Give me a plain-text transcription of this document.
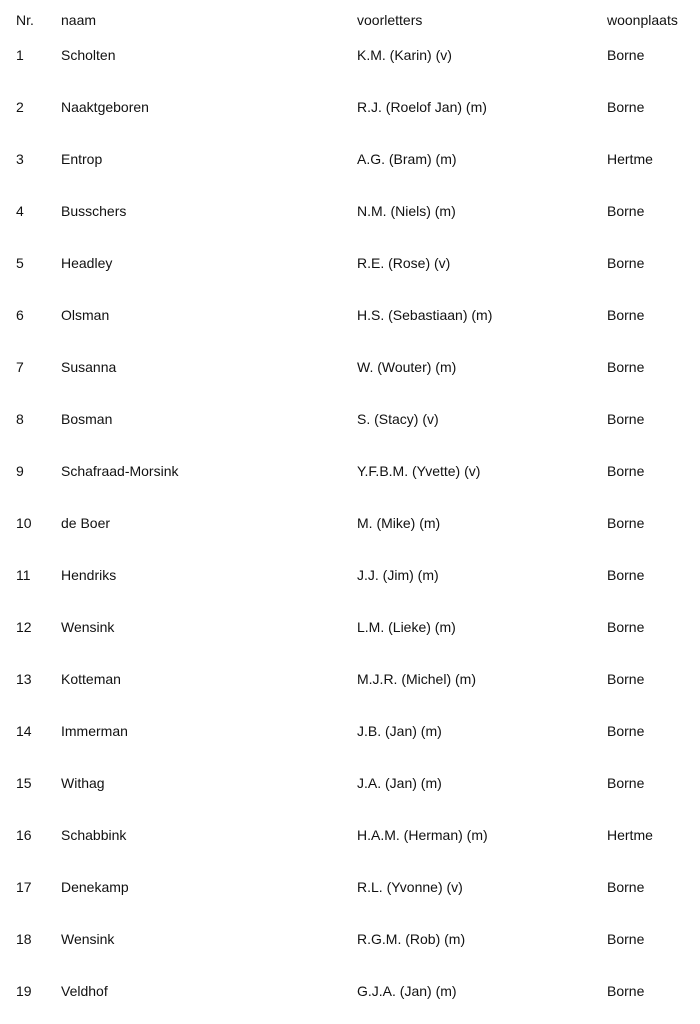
Nr. naam	voorletters	woonplaats
1	Scholten	K.M. (Karin) (v)	Borne
2	Naaktgeboren	R.J. (Roelof Jan) (m)	Borne
3	Entrop	A.G. (Bram) (m)	Hertme
4	Busschers	N.M. (Niels) (m)	Borne
5	Headley	R.E. (Rose) (v)	Borne
6	Olsman	H.S. (Sebastiaan) (m)	Borne
7	Susanna	W. (Wouter) (m)	Borne
8	Bosman	S. (Stacy) (v)	Borne
9	Schafraad-Morsink	Y.F.B.M. (Yvette) (v)	Borne
10 de Boer	M. (Mike) (m)	Borne
11 Hendriks	J.J. (Jim) (m)	Borne
12 Wensink	L.M. (Lieke) (m)	Borne
13 Kotteman	M.J.R. (Michel) (m)	Borne
14 Immerman	J.B. (Jan) (m)	Borne
15 Withag	J.A. (Jan) (m)	Borne
16 Schabbink	H.A.M. (Herman) (m)	Hertme
17 Denekamp	R.L. (Yvonne) (v)	Borne
18 Wensink	R.G.M. (Rob) (m)	Borne
19 Veldhof	G.J.A. (Jan) (m)	Borne
